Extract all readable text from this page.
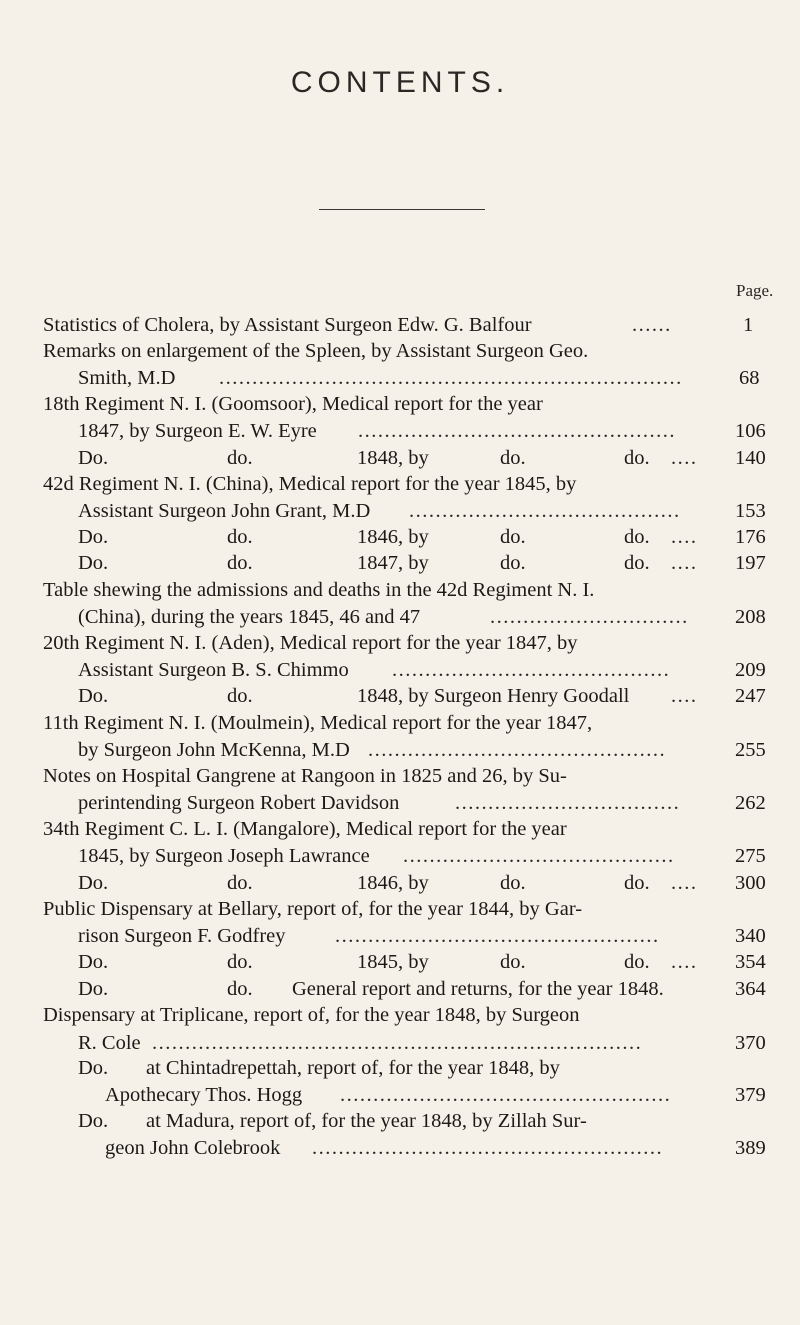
CONTENTS.
Page.
Statistics of Cholera, by Assistant Surgeon Edw. G. Balfour	......	1
Remarks on enlargement of the Spleen, by Assistant Surgeon Geo.
Smith, M.D ......................................................................	68
18th Regiment N. I. (Goomsoor), Medical report for the year
1847, by Surgeon E. W. Eyre ................................................	106
Do.	do.	1848, by	do.	do. ....	140
42d Regiment N. I. (China), Medical report for the year 1845, by
Assistant Surgeon John Grant, M.D .........................................	153
Do.	do.	1846, by	do.	do. ....	176
Do.	do.	1847, by	do.	do. ....	197
Table shewing the admissions and deaths in the 42d Regiment N. I.
(China), during the years 1845, 46 and 47	..............................	208
20th Regiment N. I. (Aden), Medical report for the year 1847, by
Assistant Surgeon B. S. Chimmo ..........................................	209
Do.	do.	1848, by Surgeon Henry Goodall ....	247
11th Regiment N. I. (Moulmein), Medical report for the year 1847,
by Surgeon John McKenna, M.D .............................................	255
Notes on Hospital Gangrene at Rangoon in 1825 and 26, by Su-
perintending Surgeon Robert Davidson	..................................	262
34th Regiment C. L. I. (Mangalore), Medical report for the year
1845, by Surgeon Joseph Lawrance .........................................	275
Do.	do.	1846, by	do.	do. ....	300
Public Dispensary at Bellary, report of, for the year 1844, by Gar-
rison Surgeon F. Godfrey .................................................	340
Do.	do.	1845, by	do.	do. ....	354
Do.	do. General report and returns, for the year 1848.	364
Dispensary at Triplicane, report of, for the year 1848, by Surgeon
R. Cole ..........................................................................	370
Do. at Chintadrepettah, report of, for the year 1848, by
Apothecary Thos. Hogg ..................................................	379
Do. at Madura, report of, for the year 1848, by Zillah Sur-
geon John Colebrook .....................................................	389
